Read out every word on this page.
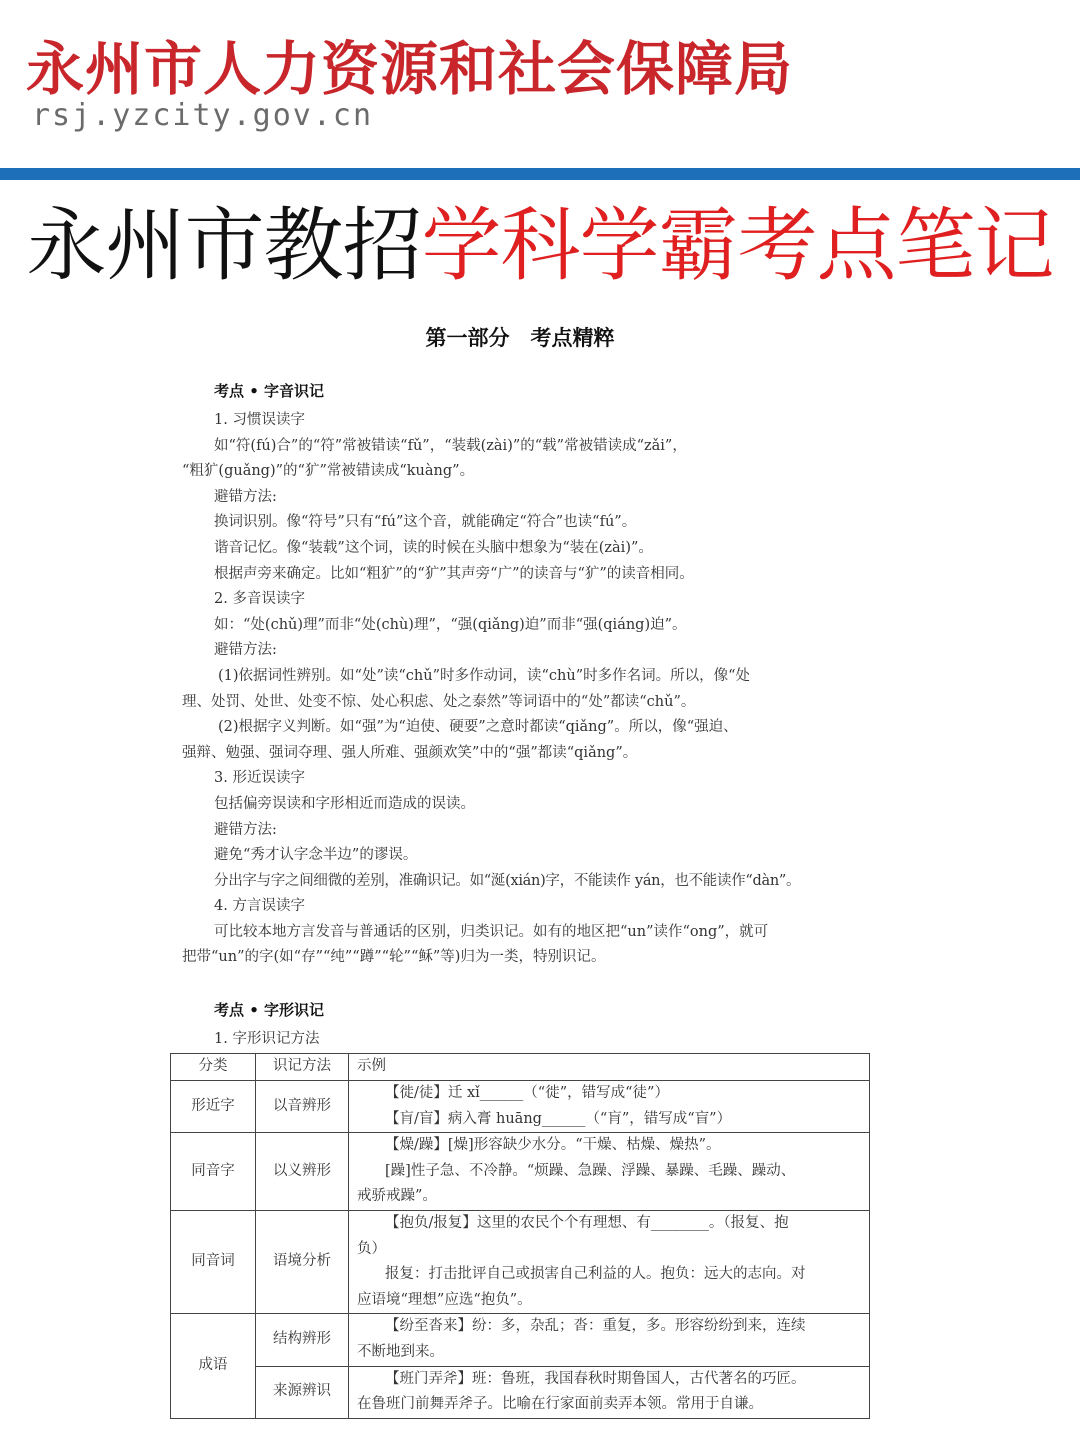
永州市人力资源和社会保障局
rsj.yzcity.gov.cn
永州市教招学科学霸考点笔记
第一部分　考点精粹
考点 • 字音识记

1. 习惯误读字

如“符(fú)合”的“符”常被错读“fǔ”，“装载(zài)”的“载”常被错读成“zǎi”，

“粗犷(guǎng)”的“犷”常被错读成“kuàng”。

避错方法:

换词识别。像“符号”只有“fú”这个音，就能确定“符合”也读“fú”。

谐音记忆。像“装载”这个词，读的时候在头脑中想象为“装在(zài)”。

根据声旁来确定。比如“粗犷”的“犷”其声旁“广”的读音与“犷”的读音相同。

2. 多音误读字

如：“处(chǔ)理”而非“处(chù)理”，“强(qiǎng)迫”而非“强(qiáng)迫”。

避错方法:

(1)依据词性辨别。如“处”读“chǔ”时多作动词，读“chù”时多作名词。所以，像“处

理、处罚、处世、处变不惊、处心积虑、处之泰然”等词语中的“处”都读“chǔ”。

(2)根据字义判断。如“强”为“迫使、硬要”之意时都读“qiǎng”。所以，像“强迫、

强辩、勉强、强词夺理、强人所难、强颜欢笑”中的“强”都读“qiǎng”。

3. 形近误读字

包括偏旁误读和字形相近而造成的误读。

避错方法:

避免“秀才认字念半边”的谬误。

分出字与字之间细微的差别，准确识记。如“涎(xián)字，不能读作 yán，也不能读作“dàn”。

4. 方言误读字

可比较本地方言发音与普通话的区别，归类识记。如有的地区把“un”读作“ong”，就可

把带“un”的字(如“存”“纯”“蹲”“轮”“稣”等)归为一类，特别识记。

考点 • 字形识记

1. 字形识记方法

分类	识记方法	示例
形近字	以音辨形	【徙/徒】迁 xǐ______（“徙”，错写成“徒”）
【肓/盲】病入膏 huāng______（“肓”，错写成“盲”）

同音字	以义辨形	【燥/躁】[燥]形容缺少水分。“干燥、枯燥、燥热”。
[躁]性子急、不冷静。“烦躁、急躁、浮躁、暴躁、毛躁、躁动、
戒骄戒躁”。

同音词	语境分析	【抱负/报复】这里的农民个个有理想、有________。（报复、抱
负）
报复：打击批评自己或损害自己利益的人。抱负：远大的志向。对
应语境“理想”应选“抱负”。

成语	结构辨形	【纷至沓来】纷：多，杂乱；沓：重复，多。形容纷纷到来，连续
不断地到来。

	来源辨识	【班门弄斧】班：鲁班，我国春秋时期鲁国人，古代著名的巧匠。
在鲁班门前舞弄斧子。比喻在行家面前卖弄本领。常用于自谦。
